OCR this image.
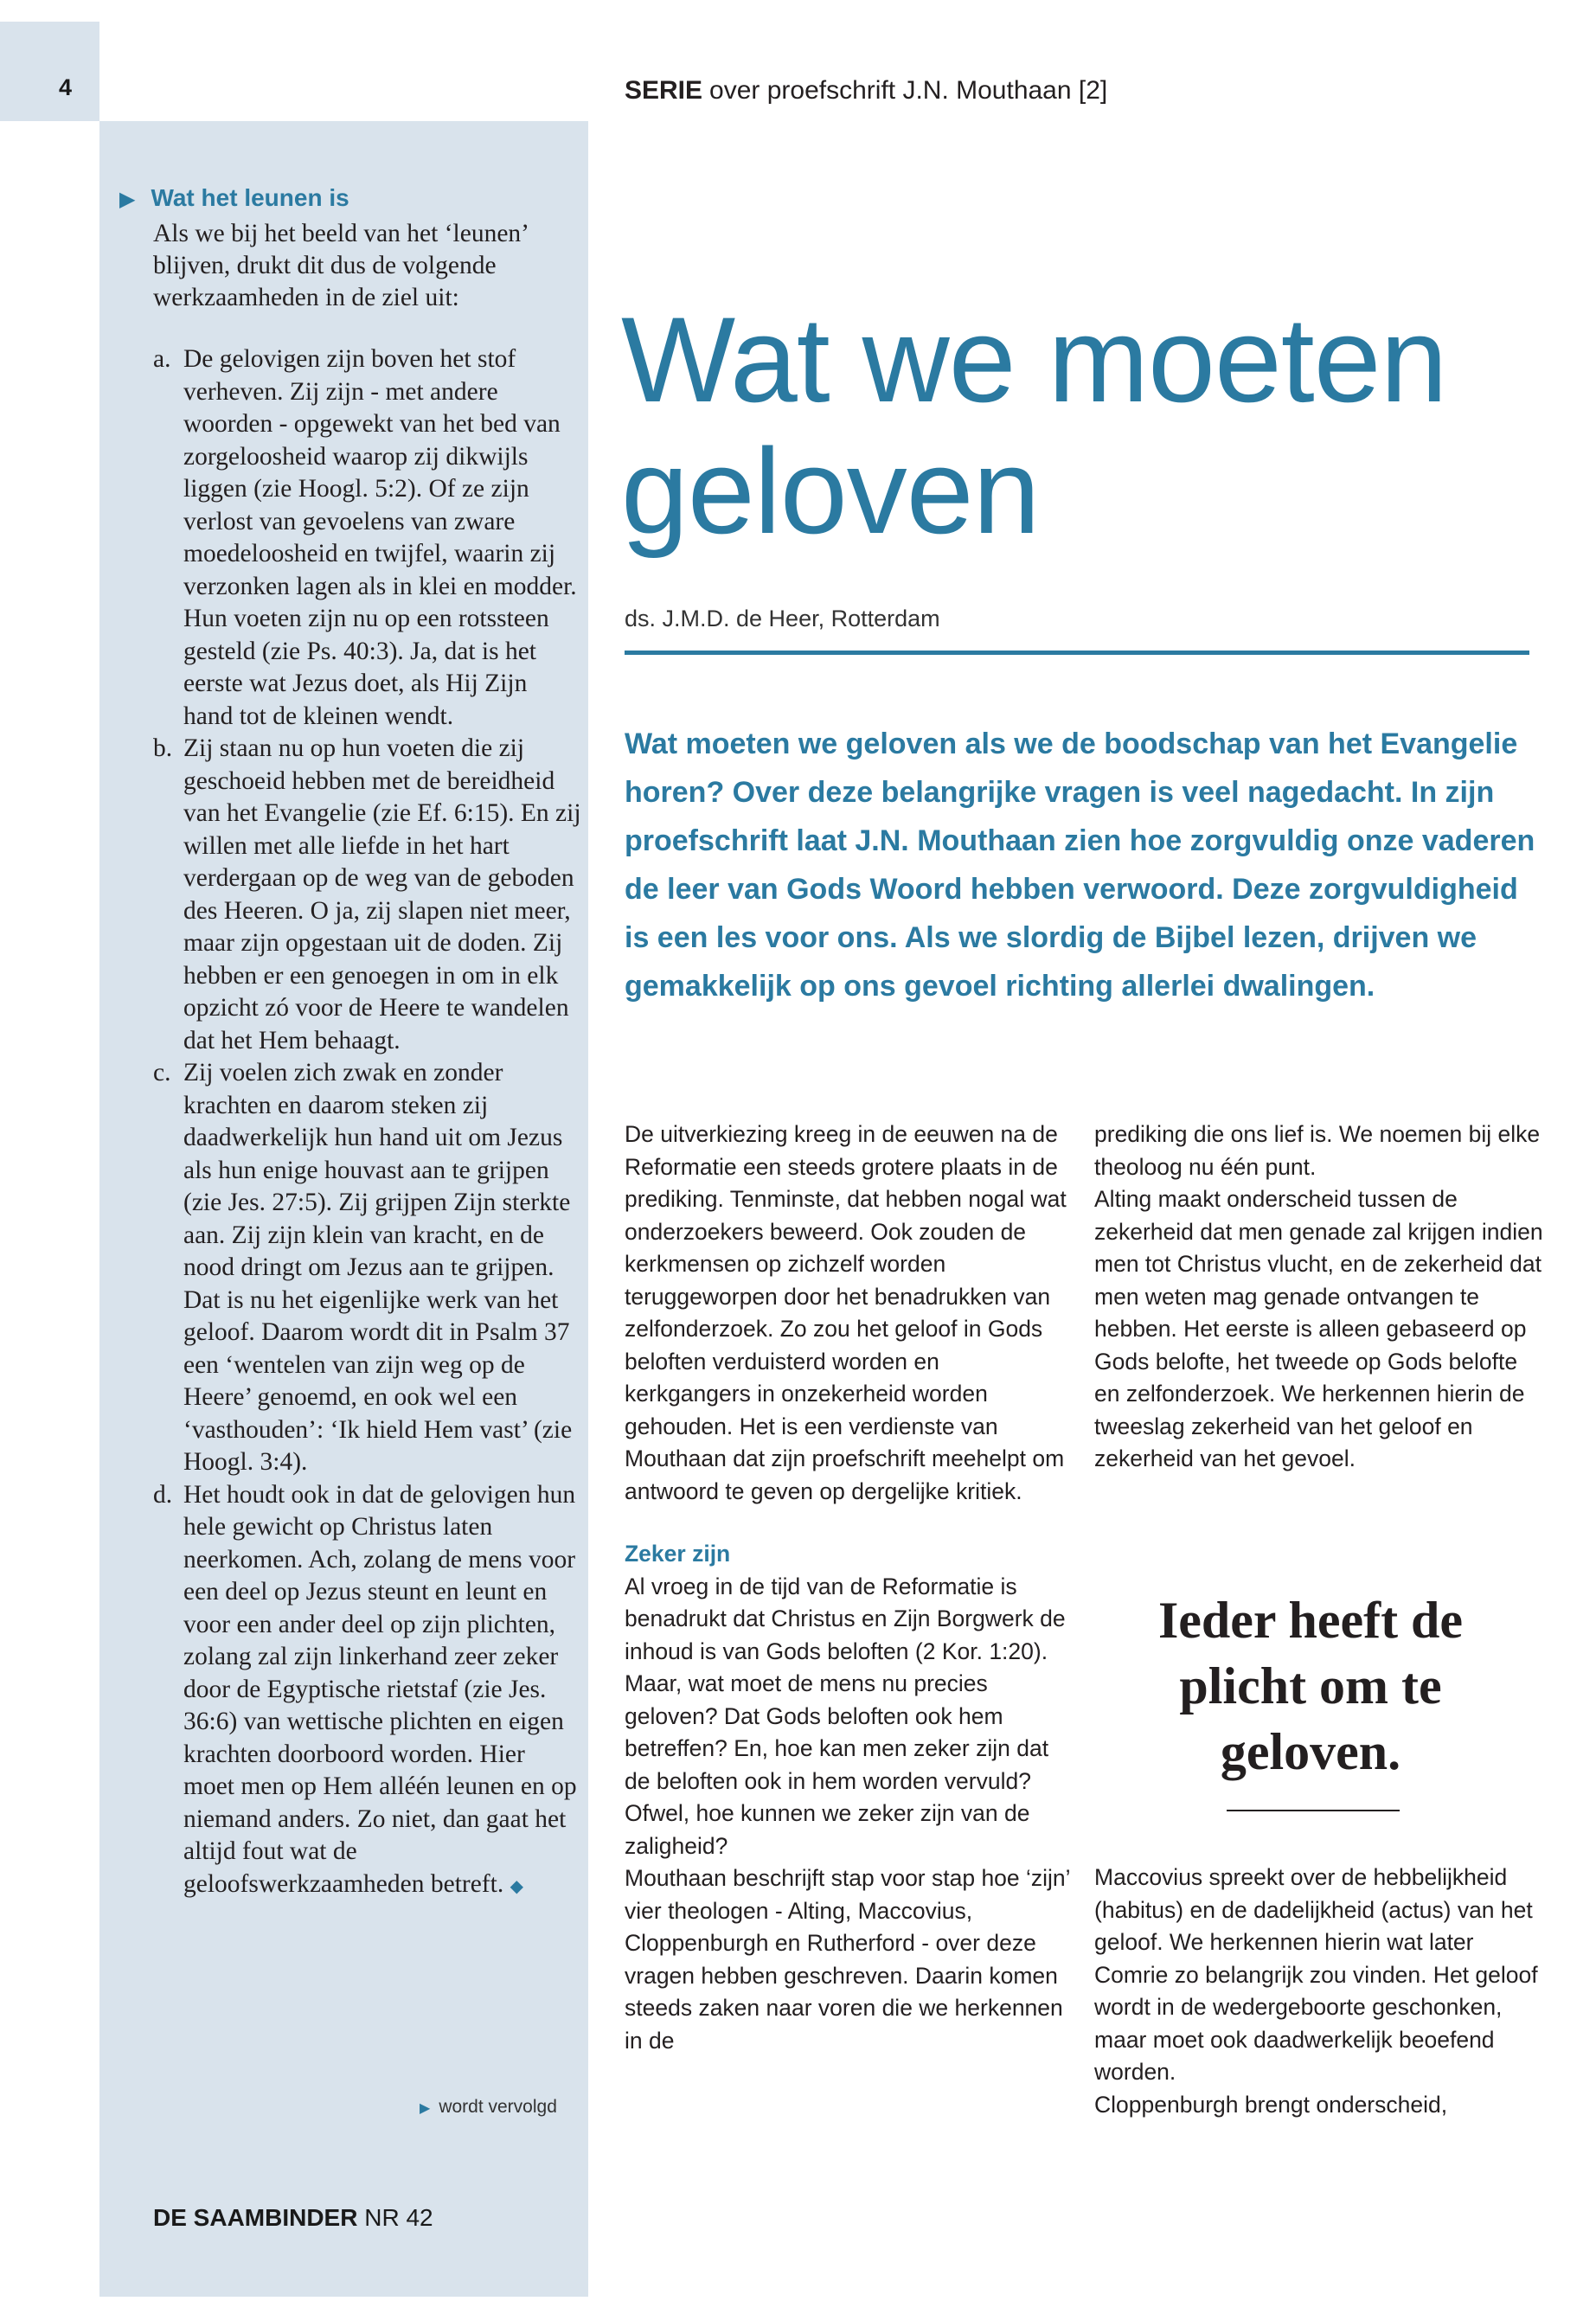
4	SERIE over proefschrift J.N. Mouthaan [2]
▶ Wat het leunen is
Als we bij het beeld van het ‘leunen’ blijven, drukt dit dus de volgende werkzaamheden in de ziel uit:
a. De gelovigen zijn boven het stof verheven. Zij zijn - met andere woorden - opgewekt van het bed van zorgeloosheid waarop zij dikwijls liggen (zie Hoogl. 5:2). Of ze zijn verlost van gevoelens van zware moedeloosheid en twijfel, waarin zij verzonken lagen als in klei en modder. Hun voeten zijn nu op een rotssteen gesteld (zie Ps. 40:3). Ja, dat is het eerste wat Jezus doet, als Hij Zijn hand tot de kleinen wendt.
b. Zij staan nu op hun voeten die zij geschoeid hebben met de bereidheid van het Evangelie (zie Ef. 6:15). En zij willen met alle liefde in het hart verdergaan op de weg van de geboden des Heeren. O ja, zij slapen niet meer, maar zijn opgestaan uit de doden. Zij hebben er een genoegen in om in elk opzicht zó voor de Heere te wandelen dat het Hem behaagt.
c. Zij voelen zich zwak en zonder krachten en daarom steken zij daadwerkelijk hun hand uit om Jezus als hun enige houvast aan te grijpen (zie Jes. 27:5). Zij grijpen Zijn sterkte aan. Zij zijn klein van kracht, en de nood dringt om Jezus aan te grijpen. Dat is nu het eigenlijke werk van het geloof. Daarom wordt dit in Psalm 37 een ‘wentelen van zijn weg op de Heere’ genoemd, en ook wel een ‘vasthouden’: ‘Ik hield Hem vast’ (zie Hoogl. 3:4).
d. Het houdt ook in dat de gelovigen hun hele gewicht op Christus laten neerkomen. Ach, zolang de mens voor een deel op Jezus steunt en leunt en voor een ander deel op zijn plichten, zolang zal zijn linkerhand zeer zeker door de Egyptische rietstaf (zie Jes. 36:6) van wettische plichten en eigen krachten doorboord worden. Hier moet men op Hem alléén leunen en op niemand anders. Zo niet, dan gaat het altijd fout wat de geloofswerkzaamheden betreft. ◆
▶ wordt vervolgd
DE SAAMBINDER NR 42
Wat we moeten geloven
ds. J.M.D. de Heer, Rotterdam
Wat moeten we geloven als we de boodschap van het Evangelie horen? Over deze belangrijke vragen is veel nagedacht. In zijn proefschrift laat J.N. Mouthaan zien hoe zorgvuldig onze vaderen de leer van Gods Woord hebben verwoord. Deze zorgvuldigheid is een les voor ons. Als we slordig de Bijbel lezen, drijven we gemakkelijk op ons gevoel richting allerlei dwalingen.

De uitverkiezing kreeg in de eeuwen na de Reformatie een steeds grotere plaats in de prediking. Tenminste, dat hebben nogal wat onderzoekers beweerd. Ook zouden de kerkmensen op zichzelf worden teruggeworpen door het benadrukken van zelfonderzoek. Zo zou het geloof in Gods beloften verduisterd worden en kerkgangers in onzekerheid worden gehouden. Het is een verdienste van Mouthaan dat zijn proefschrift meehelpt om antwoord te geven op dergelijke kritiek.

Zeker zijn

Al vroeg in de tijd van de Reformatie is benadrukt dat Christus en Zijn Borgwerk de inhoud is van Gods beloften (2 Kor. 1:20). Maar, wat moet de mens nu precies geloven? Dat Gods beloften ook hem betreffen? En, hoe kan men zeker zijn dat de beloften ook in hem worden vervuld? Ofwel, hoe kunnen we zeker zijn van de zaligheid?

Mouthaan beschrijft stap voor stap hoe ‘zijn’ vier theologen - Alting, Maccovius, Cloppenburgh en Rutherford - over deze vragen hebben geschreven. Daarin komen steeds zaken naar voren die we herkennen in de

prediking die ons lief is. We noemen bij elke theoloog nu één punt.

Alting maakt onderscheid tussen de zekerheid dat men genade zal krijgen indien men tot Christus vlucht, en de zekerheid dat men weten mag genade ontvangen te hebben. Het eerste is alleen gebaseerd op Gods belofte, het tweede op Gods belofte en zelfonderzoek. We herkennen hierin de tweeslag zekerheid van het geloof en zekerheid van het gevoel.

Ieder heeft de plicht om te geloven.

Maccovius spreekt over de hebbelijkheid (habitus) en de dadelijkheid (actus) van het geloof. We herkennen hierin wat later Comrie zo belangrijk zou vinden. Het geloof wordt in de wedergeboorte geschonken, maar moet ook daadwerkelijk beoefend worden.

Cloppenburgh brengt onderscheid,
